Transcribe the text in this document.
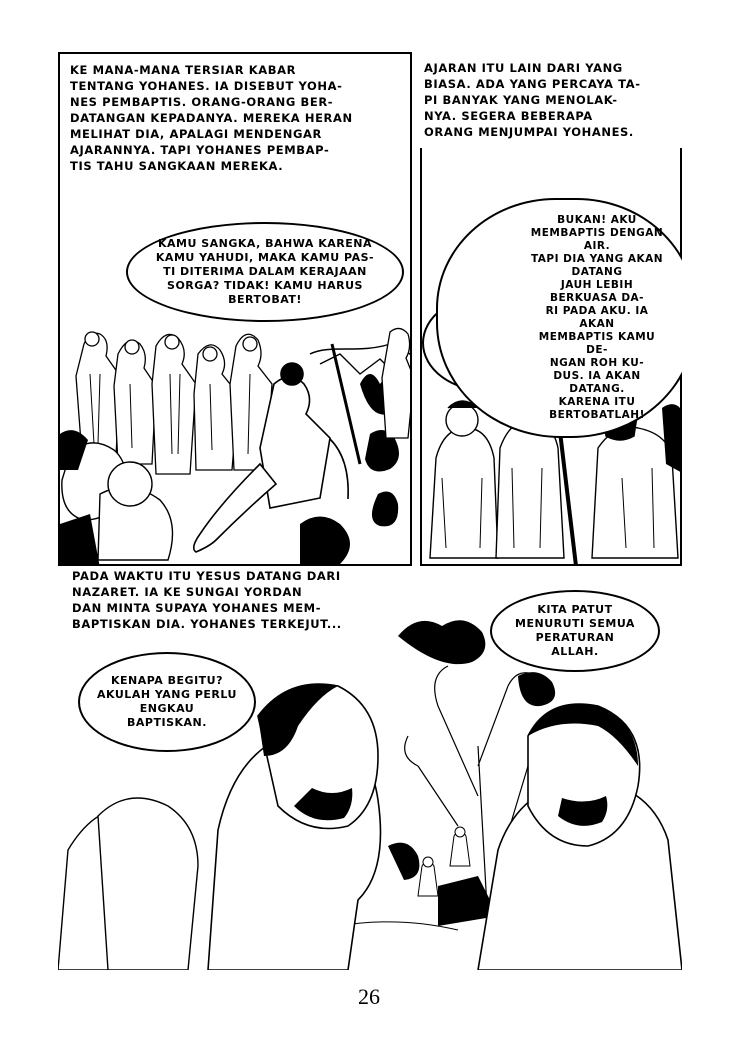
KE MANA-MANA TERSIAR KABAR
TENTANG YOHANES. IA DISEBUT YOHA-
NES PEMBAPTIS. ORANG-ORANG BER-
DATANGAN KEPADANYA. MEREKA HERAN
MELIHAT DIA, APALAGI MENDENGAR
AJARANNYA. TAPI YOHANES PEMBAP-
TIS TAHU SANGKAAN MEREKA.
KAMU SANGKA, BAHWA KARENA
KAMU YAHUDI, MAKA KAMU PAS-
TI DITERIMA DALAM KERAJAAN
SORGA? TIDAK! KAMU HARUS
BERTOBAT!
AJARAN ITU LAIN DARI YANG
BIASA. ADA YANG PERCAYA TA-
PI BANYAK YANG MENOLAK-
NYA. SEGERA BEBERAPA
ORANG MENJUMPAI YOHANES.
BUKAN! AKU
MEMBAPTIS DENGAN AIR.
TAPI DIA YANG AKAN DATANG
JAUH LEBIH BERKUASA DA-
RI PADA AKU. IA AKAN
MEMBAPTIS KAMU DE-
NGAN ROH KU-
DUS. IA AKAN
DATANG.
KARENA ITU
BERTOBATLAH!
PADA WAKTU ITU YESUS DATANG DARI
NAZARET. IA KE SUNGAI YORDAN
DAN MINTA SUPAYA YOHANES MEM-
BAPTISKAN DIA. YOHANES TERKEJUT...
KITA PATUT
MENURUTI SEMUA
PERATURAN
ALLAH.
KENAPA BEGITU?
AKULAH YANG PERLU
ENGKAU
BAPTISKAN.
26
